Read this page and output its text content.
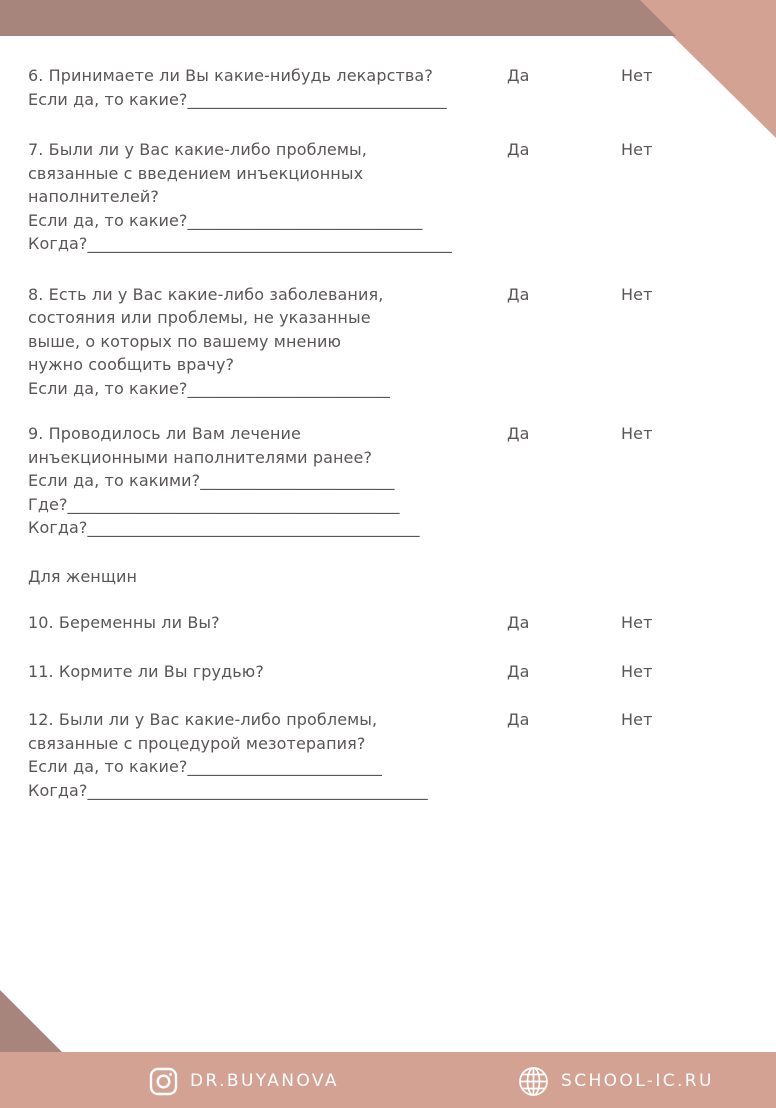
6. Принимаете ли Вы какие-нибудь лекарства?
Если да, то какие?________________________________
Да	Нет
7. Были ли у Вас какие-либо проблемы,
связанные с введением инъекционных
наполнителей?
Если да, то какие?_____________________________
Когда?_____________________________________________
Да	Нет
8. Есть ли у Вас какие-либо заболевания,
состояния или проблемы, не указанные
выше, о которых по вашему мнению
нужно сообщить врачу?
Если да, то какие?_________________________
Да	Нет
9. Проводилось ли Вам лечение
инъекционными наполнителями ранее?
Если да, то какими?________________________
Где?_________________________________________
Когда?_________________________________________
Да	Нет
Для женщин
10. Беременны ли Вы?	Да	Нет
11. Кормите ли Вы грудью?	Да	Нет
12. Были ли у Вас какие-либо проблемы,
связанные с процедурой мезотерапия?
Если да, то какие?________________________
Когда?__________________________________________
Да	Нет
DR.BUYANOVA	SCHOOL-IC.RU
